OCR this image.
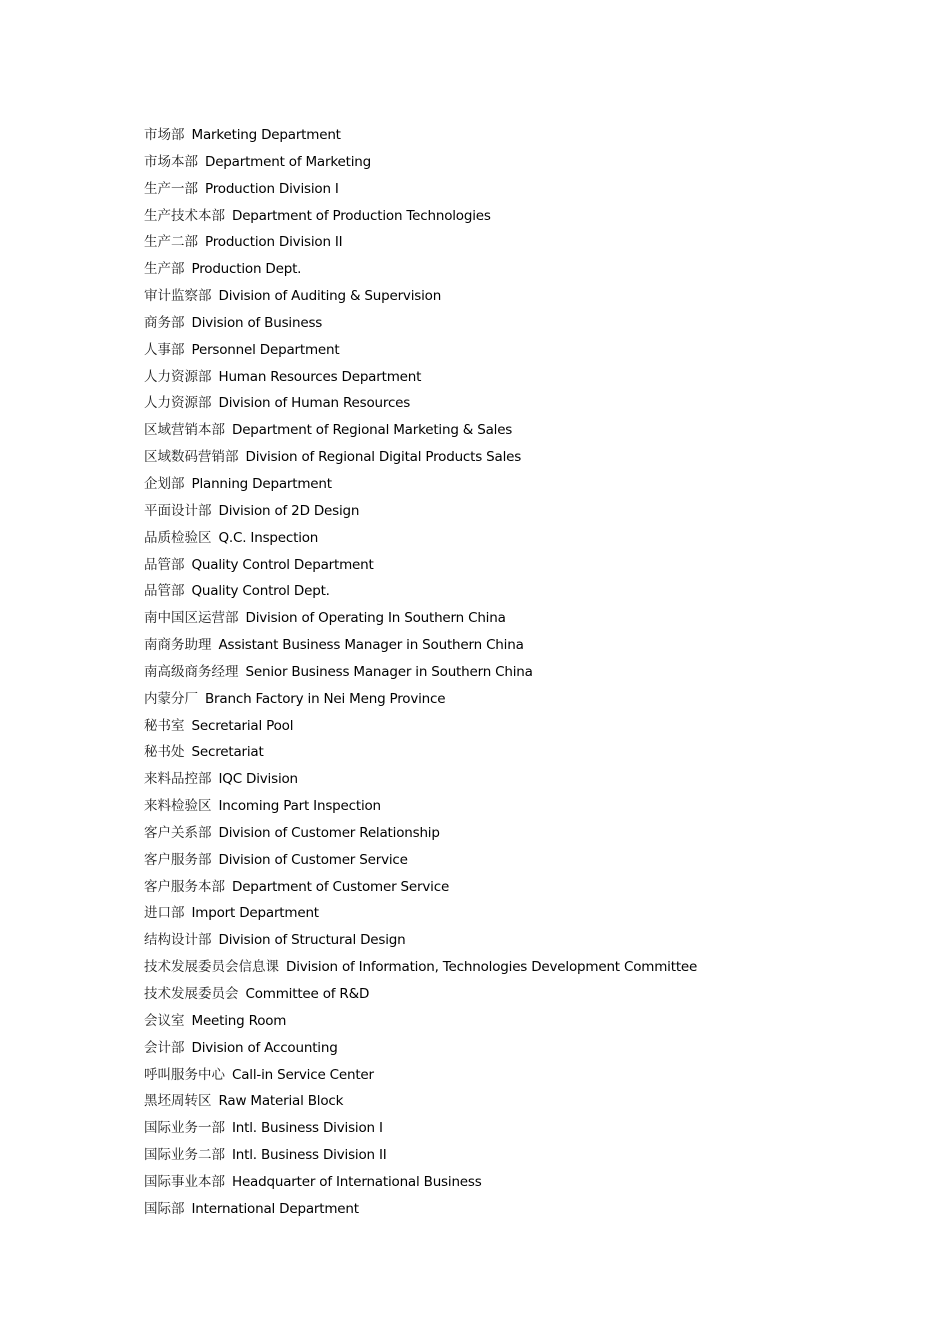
市场部 Marketing Department
市场本部 Department of Marketing
生产一部 Production Division I
生产技术本部 Department of Production Technologies
生产二部 Production Division II
生产部 Production Dept.
审计监察部 Division of Auditing & Supervision
商务部 Division of Business
人事部 Personnel Department
人力资源部 Human Resources Department
人力资源部 Division of Human Resources
区域营销本部 Department of Regional Marketing & Sales
区域数码营销部 Division of Regional Digital Products Sales
企划部 Planning Department
平面设计部 Division of 2D Design
品质检验区 Q.C. Inspection
品管部 Quality Control Department
品管部 Quality Control Dept.
南中国区运营部 Division of Operating In Southern China
南商务助理 Assistant Business Manager in Southern China
南高级商务经理 Senior Business Manager in Southern China
内蒙分厂 Branch Factory in Nei Meng Province
秘书室 Secretarial Pool
秘书处 Secretariat
来料品控部 IQC Division
来料检验区 Incoming Part Inspection
客户关系部 Division of Customer Relationship
客户服务部 Division of Customer Service
客户服务本部 Department of Customer Service
进口部 Import Department
结构设计部 Division of Structural Design
技术发展委员会信息课 Division of Information, Technologies Development Committee
技术发展委员会 Committee of R&D
会议室 Meeting Room
会计部 Division of Accounting
呼叫服务中心 Call-in Service Center
黑坯周转区 Raw Material Block
国际业务一部 Intl. Business Division I
国际业务二部 Intl. Business Division II
国际事业本部 Headquarter of International Business
国际部 International Department
